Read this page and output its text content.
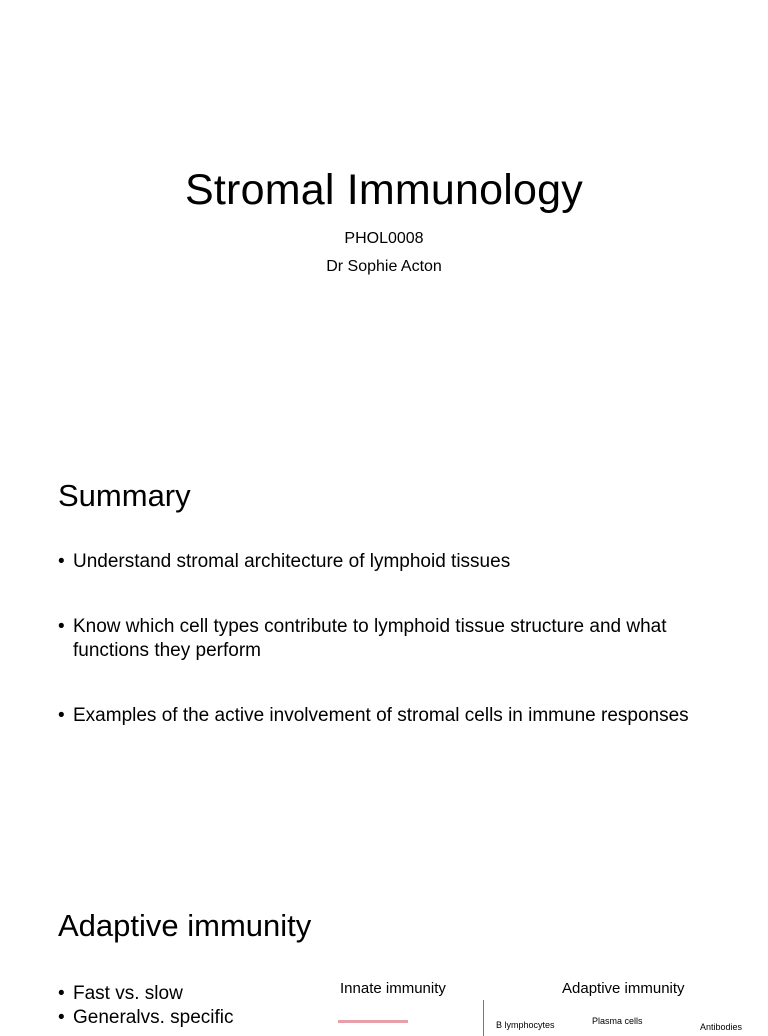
Stromal Immunology
PHOL0008
Dr Sophie Acton
Summary
• Understand stromal architecture of lymphoid tissues
• Know which cell types contribute to lymphoid tissue structure and what functions they perform
• Examples of the active involvement of stromal cells in immune responses
Adaptive immunity
• Fast vs. slow
• Generalvs. specific
Innate immunity	Adaptive immunity
B lymphocytes	Plasma cells
Antibodies
